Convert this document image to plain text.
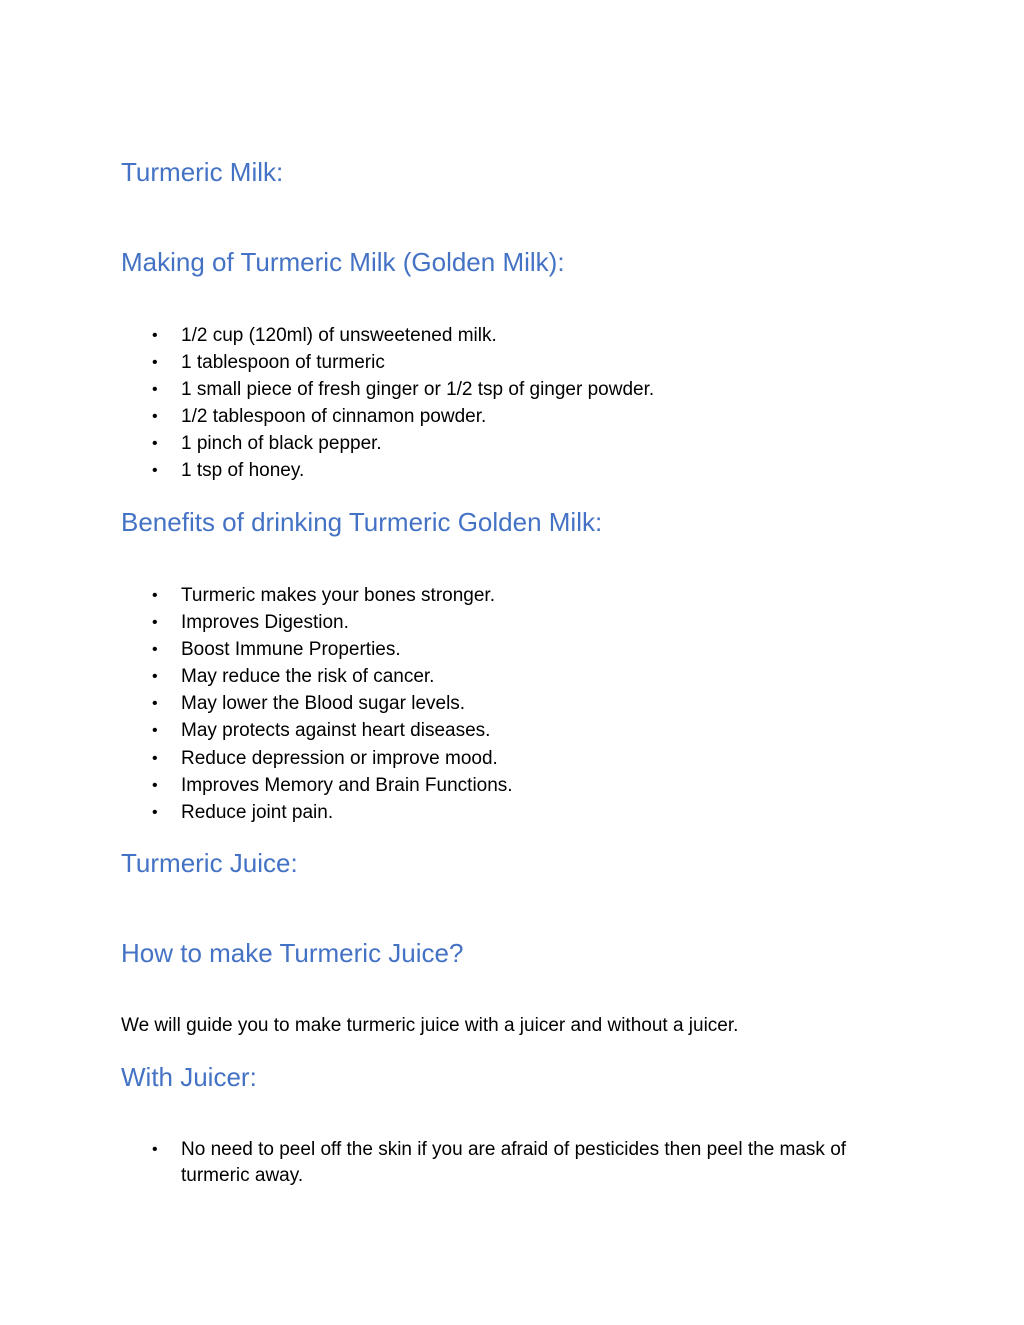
Turmeric Milk:
Making of Turmeric Milk (Golden Milk):
• 1/2 cup (120ml) of unsweetened milk.
• 1 tablespoon of turmeric
• 1 small piece of fresh ginger or 1/2 tsp of ginger powder.
• 1/2 tablespoon of cinnamon powder.
• 1 pinch of black pepper.
• 1 tsp of honey.
Benefits of drinking Turmeric Golden Milk:
• Turmeric makes your bones stronger.
• Improves Digestion.
• Boost Immune Properties.
• May reduce the risk of cancer.
• May lower the Blood sugar levels.
• May protects against heart diseases.
• Reduce depression or improve mood.
• Improves Memory and Brain Functions.
• Reduce joint pain.
Turmeric Juice:
How to make Turmeric Juice?

We will guide you to make turmeric juice with a juicer and without a juicer.

With Juicer:
• No need to peel off the skin if you are afraid of pesticides then peel the mask of turmeric away.
